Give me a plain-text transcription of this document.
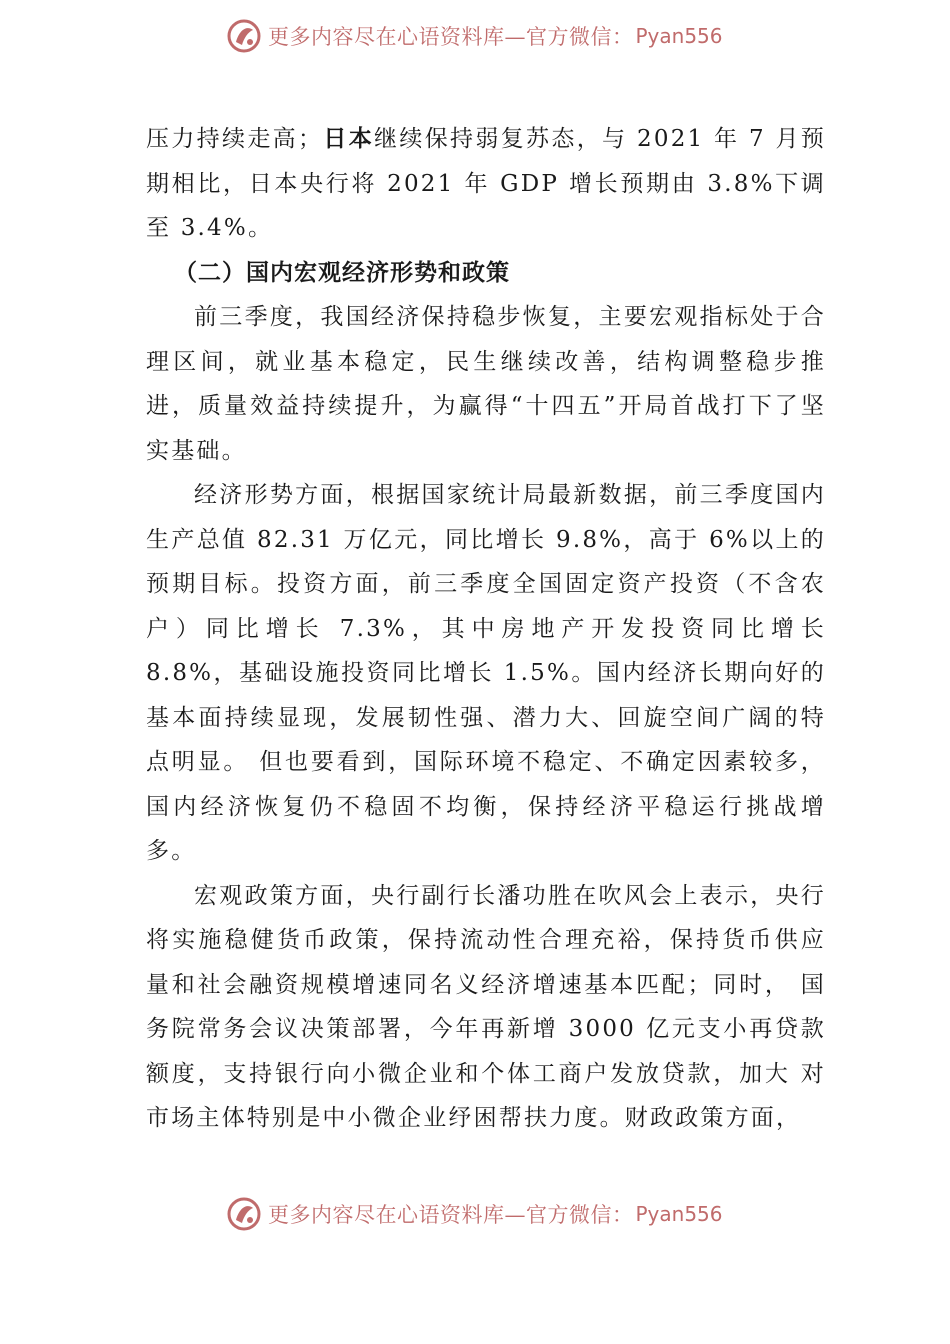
更多内容尽在心语资料库—官方微信： Pyan556

压力持续走高；日本继续保持弱复苏态，与 2021 年 7 月预期相比，日本央行将 2021 年 GDP 增长预期由 3.8%下调至 3.4%。

（二）国内宏观经济形势和政策

前三季度，我国经济保持稳步恢复，主要宏观指标处于合理区间，就业基本稳定，民生继续改善，结构调整稳步推进，质量效益持续提升，为赢得“十四五”开局首战打下了坚实基础。

经济形势方面，根据国家统计局最新数据，前三季度国内生产总值 82.31 万亿元，同比增长 9.8%，高于 6%以上的预期目标。投资方面，前三季度全国固定资产投资（不含农户）同比增长 7.3%，其中房地产开发投资同比增长 8.8%，基础设施投资同比增长 1.5%。国内经济长期向好的基本面持续显现，发展韧性强、潜力大、回旋空间广阔的特点明显。 但也要看到，国际环境不稳定、不确定因素较多，国内经济恢复仍不稳固不均衡，保持经济平稳运行挑战增多。

宏观政策方面，央行副行长潘功胜在吹风会上表示，央行将实施稳健货币政策，保持流动性合理充裕，保持货币供应量和社会融资规模增速同名义经济增速基本匹配；同时， 国务院常务会议决策部署，今年再新增 3000 亿元支小再贷款额度，支持银行向小微企业和个体工商户发放贷款，加大 对市场主体特别是中小微企业纾困帮扶力度。财政政策方面，

更多内容尽在心语资料库—官方微信： Pyan556
